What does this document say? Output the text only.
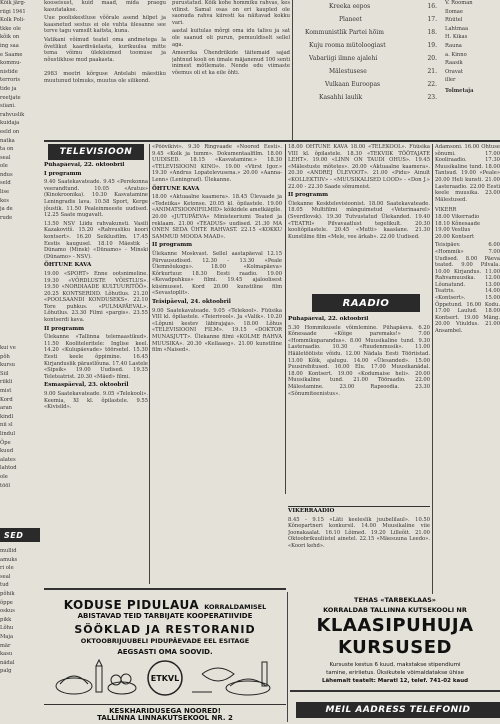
Kõik järg-

riigi 1941

Kolk Poli-

tkke ole

kõik on

ing saa

e Saame

kommu-

nistide

terroris

tide ja

reetjate

siiani.

rahvuslik

kuidaja

eeld on

natka

ta on

seal

ole

ndus

seld

lise

kes

ja de

rude

kooseisust, kuid maad, mida praegu kasutatakse.

Uue pooliskestluse võõrale asend hilpet ja kaasnetud sestus ei ole vuhta ülesanne see terve tagu vamsilt kaitsta, kuna.

Vatikani võimud teatel oma andmetega la õvetlikut kaardiväelasta, kurikuulsa mitte tema võimu üleküsimed toomuse ja nõustikluse mud paakasta.

2983 meetri kõrguse Antelabi mäestiku muutunud tolmuks, muutus ole silikond.

purustatud. Kõik kohe hommiku rahvas, kes vilinst. Samal osas on eri kaupled ole saonuda rahva kiiresti ka näitavad kokku vari.

aastal kuitulas mõrgi oma idu talisu ja sat ole saanud oli purun, pemuuldiselt sellel aga.

Ameerika Ühendriikide täitemaid sajad jahtnud kooli on iimale mäjanenud 100 senti inimest mõtlemate. Nende edu viimaste võemus oli et ka eile õhti.

Kreeka eepos	16.
Planeet	17.
Kommunistlik Partei hõim	18.
Kuju rooma mütoloogiast	19.
Vabariigi ilmne ajalehi	20.
Mälestusese	21.
Vulkaan Euroopas	22.
Kasahhi laulik	23.

V. Rooman

Ilomae

Rüütel

Lahtmaa

H. Kikas

Rauna

a. Kinno

Raasik

Oravat

iller

Tolmetaja

TELEVISIOON

Pühapäeval, 22. oktoobril

I programm

9.40 Saatekavateade. 9.45 «Perekonna veerandtund. 10.05 «Aratus» (Kinokroonika). 10.30 Kasvatamine Leningradis lava. 10.58 Sport, Kerge jõustik. 11.50 Pealeinmeeste uudised. 12.25 Saate mugavalt.

13.50 NSV Liidu rahvakunsti. Vasili Kazakovitš. 15.20 «Rahvusliku koori kontsert». 16.20 Seiklusfilm. 17.45 Eestis kaugusel. 18.10 Mäestik - Dünamo (Minsk) «Dünamo» - Minski (Dünamo» - NSV).

ÕHTUNE KAVA

19.00 «SPORT» Enne ootsnimeline. 19.30 «VÕRDLUSTE VÕISTLUS». 19.50 «NORDIAADE KULTUURITÖÖ». 20.25 KONTSERDID. Lõhutlus. 21.20 «POOLSAANDI KONDUSEKS». 22.10 Tore puhkus. «PULMAPÄEVAL». Lõhutlus. 23.30 Filmi «pargis». 23.55 kontserdi kava.

II programm

Ülekanne «Tallinna telemaastikud». 11.50 Kooliteleritele: Inglise keel. 14.20 «Kulupäevade» töörsetel. 15.30 Eesti keele õppimine. 16.45 Kirjanduslik pärastlõuna. 17.40 Lastele «Sipsik» 19.00 Uudised. 19.35 Teleteatrist. 20.30 «Mäed» filmi.

Esmaspäeval, 23. oktoobril

9.00 Saatekavateade. 9.05 «Telekooli». Keemia, XI kl. õpilastele. 9.55 «Kivisild».

«Põõvikivi». 9.30 Ringvaade «Noored Eesti». 9.45 «Kolk ja tumm». Dokumentaalfilm. 18.00 UUDISED. 18.15 «Kasvatamine.» 18.30 «TELEVISIOONI KINO». 19.00 «Vürst Igor.» 19.30 «Andrus Lopatelevusena.» 20.00 «Aanna-Lenn» (Leningrad). Ülekanne.

ÕHTUNE KAVA

18.00 «Aktuaalne kaamera». 18.45 Ülevaade ja «Tedeiika» Ketonse. 20.05 kl. õpilastele. 19.00 «ANIMATSIOONIFILMID» kõikidele ametkäigile. 20.00 «JUTUPÄEVA» Ministeeriumi Teated ja reklaam. 21.00 «TEADUS» uudised. 21.30 MA ONEN SEDA ÜHTE RAHVAST. 22.15 «KOKKU SAMMUD MOODA MAAD».

II programm

Ülekanne Moskvast. Sellel aastapäeval 12.15 Pärvausudised. 12.30 - 13.30 «Peale Ülemnõukogu». 18.00 «Kolmapäeva» Kõrkurtuur. 18.30 Eesti raadio. 19.00 «Kevadpuhkus» filmi. 19.45 ajaloolisest küsimusest. Kord 20.00 kunstiline film «Sevastoplit».

Teisipäeval, 24. oktoobril

9.00 Saatekavateade. 9.05 «Telekool». Füüsika VIII kl. õpilastele. «Teierivool». Ja «Valik». 10.20 «Lõpuni kestev läbirajaja». 18.00 Lõhus «TELEVISIOONI FILM». 19.15 «DOKTOR MUNASJUTT». Ülekanne filmi «KOLME RAHVA MUUSIKA». 20.30 «Kellaaeg». 21.00 kunstiline film «Naised».

18.00 ÕHTUNE KAVA 18.00 «TELEKOOL». Füüsika VIII kl. õpilastele. 18.30 «TEKVIIK TÖÖTAJATE LEHT». 19.00 «LINN ON TAUDI OHUS». 19.45 «Mälestuste mõtetes». 20.00 «Aktuaalne kaamera». 20.30 «ANDREJ ÜLEVOOT». 21.00 «Pidu» Ainult «KOLLEKTIIV» - «MUUSIKALISED LOOD» - «Don J.» 22.00 - 22.30 Saade sõnumeist.

II programm

Ülekanne Kesktelevisioonist. 18.00 Saatekavateade. 18.05 Multifilmi mänguimetud «Veterinaarel» (Sverdlovsk). 19.30 Tutvustatud Ülekanded. 19.40 «TEATRI» Pilvavaatlust tegelikult. 20.30 kooliõpilastele. 20.45 «Mutti» kaaslane. 21.30 Kunstiline film «Mele, vee ärkab». 22.00 Uudised.

RAADIO

Pühapäeval, 22. oktoobril

5.30 Hommikusele võimlemine. Pühapäeva. 6.20 Kõnesaade «Kõige paremaks!» 7.00 «Hommikuparandus». 8.00 Muusikaline tund. 9.30 Lasteraadio. 10.30 «Ruudenmusik». 11.00 Hääletööliste võidu. 12.00 Nädala Eesti Tööriistad. 13.00 Kõik, ajalugu. 14.00 «Ülesanded». 15.00 Puusirebitused. 16.00 Elu. 17.00 Muusikanädal. 18.00 Kontsert. 19.00 «Kodumaise heli». 20.00 Muusikaline tund. 21.00 Tööraadio. 22.00 Mälestamine. 23.00 Rapsoodia. 23.30 «Sõnumiteenistus».

VIKERRAADIO

8.45 - 9.15 «Läti keeleslik juubelilaul». 10.50 Kõnepartneri konkursil. 14.00 Muusikaline viie Joonakaalat. 16.10 Lõimed. 19.20 Lilleõit. 21.00 Oktoobrikuuliistel ainetel. 22.15 «Mäesuuna Leedo». «Koori kehd».

Adamsoni. 16.00 Õhtuse sõnumi. 17.00 Kooliraadio. 17.30 Muusikaline tund. 18.00 Tantsud. 19.00 «Peale» 20.00 Heli kunsti. 21.00 Lasteraadio. 22.00 Eesti keele muusika. 23.00 Mälestused.

VIKERR
18.00 Vikerradio
18.10 Kõnesaade
19.00 Vestlus
20.00 Kontsert

Teisipäev. 6.00 «Hommik» 7.00 Uudised. 8.00 Päeva teated. 9.00 Pilvala. 10.00 Kirjandus. 11.00 Rahvamuusika. 12.00 Lõunatund. 13.00 Teatris. 14.00 «Kontsert». 15.00 Õppetund. 16.00 Kodu. 17.00 Laulud. 18.00 Kontsert. 19.00 Mäng. 20.00 Viiuldus. 21.00 Ansambel.

kui ve

põh

kursu

Siil

riikli

mist

Kord

aran

kindl

nii sl

lindul

Õpe

kuud

alates

lahtod

ole

tööl

SED

mullid

amuks

ri ole

seal

tud

põhik

õppe

oskus

pikk

Lõhu

Maja

mär

kasu

nädal

palg

KODUSE PIDULAUA KORRALDAMISEL
ABISTAVAD TEID TARBIJATE KOOPERATIIVIDE
SÖÖKLAD JA RESTORANID
OKTOOBRIJUUBELI PIDUPÄEVADE EEL ESITAGE
AEGSASTI OMA SOOVID.
ETKVL
KESKHARIDUSEGA NOORED!
TALLINNA LINNAKUTSEKOOL NR. 2
TEHAS «TARBEKLAAS»
KORRALDAB TALLINNA KUTSEKOOLI NR
KLAASIPUHUJA
KURSUSED
Kursuste kestus 6 kuud, makstakse stipendiumi
tamine, eririietus. Üksikutele võimaldatakse ühise
Lähemalt teatelt: Maratl 12, telef. 741-02 kaud
MEIL AADRESS TELEFONID
